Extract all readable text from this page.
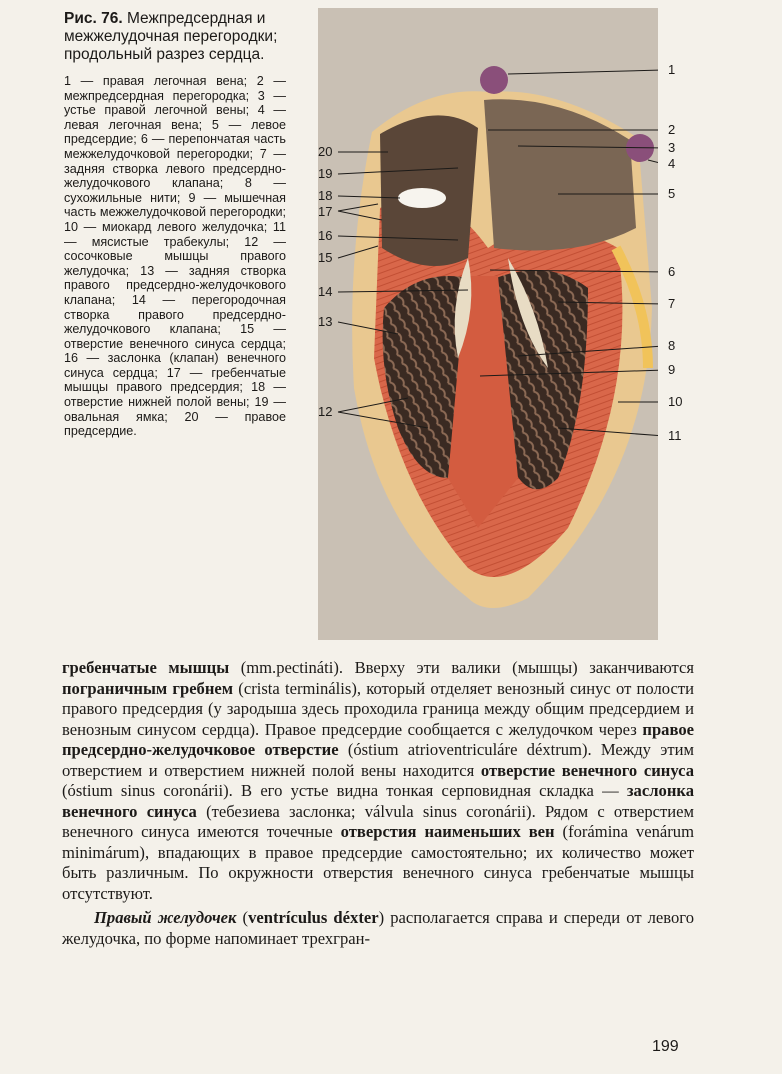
Рис. 76. Межпредсердная и межжелудочная перегородки; продольный разрез сердца.

1 — правая легочная вена; 2 — межпредсердная перегородка; 3 — устье правой легочной вены; 4 — левая легочная вена; 5 — левое предсердие; 6 — перепончатая часть межжелудочковой перегородки; 7 — задняя створка левого предсердно-желудочкового клапана; 8 — сухожильные нити; 9 — мышечная часть межжелудочковой перегородки; 10 — миокард левого желудочка; 11 — мясистые трабекулы; 12 — сосочковые мышцы правого желудочка; 13 — задняя створка правого предсердно-желудочкового клапана; 14 — перегородочная створка правого предсердно-желудочкового клапана; 15 — отверстие венечного синуса сердца; 16 — заслонка (клапан) венечного синуса сердца; 17 — гребенчатые мышцы правого предсердия; 18 — отверстие нижней полой вены; 19 — овальная ямка; 20 — правое предсердие.

20
19
18
17
16
15
14
13
12
1
2
3
4
5
6
7
8
9
10
11

гребенчатые мышцы (mm.pectináti). Вверху эти валики (мышцы) заканчиваются пограничным гребнем (crista terminális), который отделяет венозный синус от полости правого предсердия (у зародыша здесь проходила граница между общим предсердием и венозным синусом сердца). Правое предсердие сообщается с желудочком через правое предсердно-желудочковое отверстие (óstium atrioventriculáre déxtrum). Между этим отверстием и отверстием нижней полой вены находится отверстие венечного синуса (óstium sinus coronárii). В его устье видна тонкая серповидная складка — заслонка венечного синуса (тебезиева заслонка; válvula sinus coronárii). Рядом с отверстием венечного синуса имеются точечные отверстия наименьших вен (forámina venárum minimárum), впадающих в правое предсердие самостоятельно; их количество может быть различным. По окружности отверстия венечного синуса гребенчатые мышцы отсутствуют.

Правый желудочек (ventrículus déxter) располагается справа и спереди от левого желудочка, по форме напоминает трехгран-

199
